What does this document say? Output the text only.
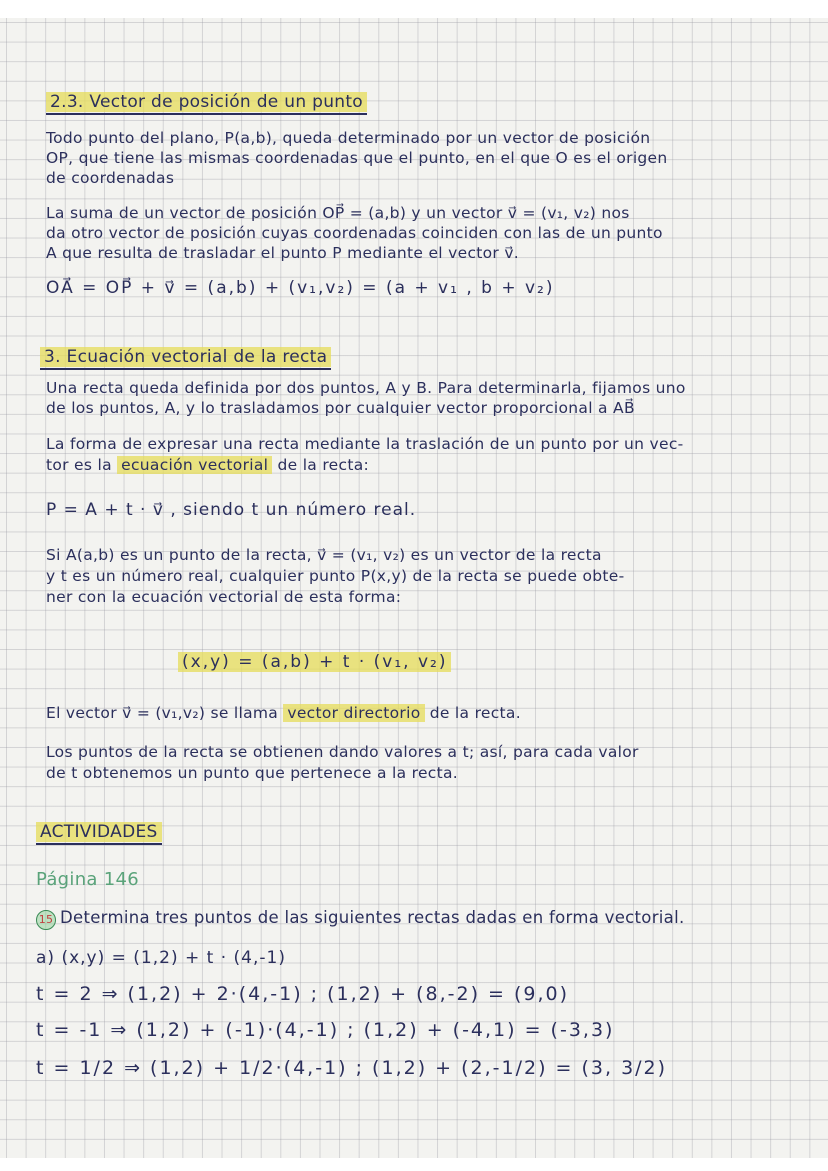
2.3. Vector de posición de un punto
Todo punto del plano, P(a,b), queda determinado por un vector de posición
OP, que tiene las mismas coordenadas que el punto, en el que O es el origen
de coordenadas
La suma de un vector de posición OP⃗ = (a,b) y un vector v⃗ = (v₁, v₂) nos
da otro vector de posición cuyas coordenadas coinciden con las de un punto
A que resulta de trasladar el punto P mediante el vector v⃗.
OA⃗ = OP⃗ + v⃗ = (a,b) + (v₁,v₂) = (a + v₁ , b + v₂)
3. Ecuación vectorial de la recta
Una recta queda definida por dos puntos, A y B. Para determinarla, fijamos uno
de los puntos, A, y lo trasladamos por cualquier vector proporcional a AB⃗
La forma de expresar una recta mediante la traslación de un punto por un vec-
tor es la ecuación vectorial de la recta:
P = A + t · v⃗ , siendo t un número real.
Si A(a,b) es un punto de la recta, v⃗ = (v₁, v₂) es un vector de la recta
y t es un número real, cualquier punto P(x,y) de la recta se puede obte-
ner con la ecuación vectorial de esta forma:
(x,y) = (a,b) + t · (v₁, v₂)
El vector v⃗ = (v₁,v₂) se llama vector directorio de la recta.
Los puntos de la recta se obtienen dando valores a t; así, para cada valor
de t obtenemos un punto que pertenece a la recta.
ACTIVIDADES
Página 146
15 Determina tres puntos de las siguientes rectas dadas en forma vectorial.
a) (x,y) = (1,2) + t · (4,-1)
t = 2 ⇒ (1,2) + 2·(4,-1) ; (1,2) + (8,-2) = (9,0)
t = -1 ⇒ (1,2) + (-1)·(4,-1) ; (1,2) + (-4,1) = (-3,3)
t = 1/2 ⇒ (1,2) + 1/2·(4,-1) ; (1,2) + (2,-1/2) = (3, 3/2)
